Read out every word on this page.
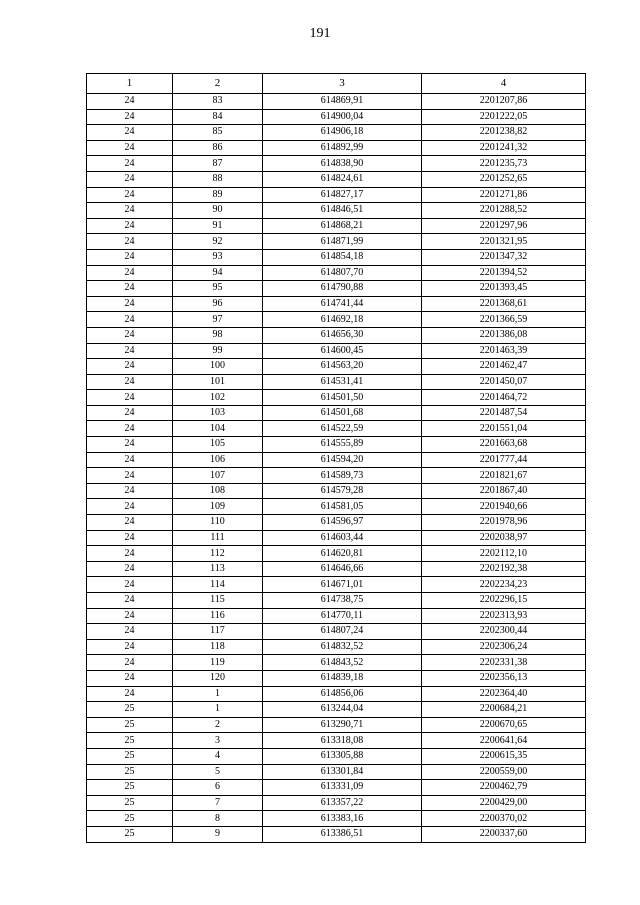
191
1	2	3	4
24	83	614869,91	2201207,86
24	84	614900,04	2201222,05
24	85	614906,18	2201238,82
24	86	614892,99	2201241,32
24	87	614838,90	2201235,73
24	88	614824,61	2201252,65
24	89	614827,17	2201271,86
24	90	614846,51	2201288,52
24	91	614868,21	2201297,96
24	92	614871,99	2201321,95
24	93	614854,18	2201347,32
24	94	614807,70	2201394,52
24	95	614790,88	2201393,45
24	96	614741,44	2201368,61
24	97	614692,18	2201366,59
24	98	614656,30	2201386,08
24	99	614600,45	2201463,39
24	100	614563,20	2201462,47
24	101	614531,41	2201450,07
24	102	614501,50	2201464,72
24	103	614501,68	2201487,54
24	104	614522,59	2201551,04
24	105	614555,89	2201663,68
24	106	614594,20	2201777,44
24	107	614589,73	2201821,67
24	108	614579,28	2201867,40
24	109	614581,05	2201940,66
24	110	614596,97	2201978,96
24	111	614603,44	2202038,97
24	112	614620,81	2202112,10
24	113	614646,66	2202192,38
24	114	614671,01	2202234,23
24	115	614738,75	2202296,15
24	116	614770,11	2202313,93
24	117	614807,24	2202300,44
24	118	614832,52	2202306,24
24	119	614843,52	2202331,38
24	120	614839,18	2202356,13
24	1	614856,06	2202364,40
25	1	613244,04	2200684,21
25	2	613290,71	2200670,65
25	3	613318,08	2200641,64
25	4	613305,88	2200615,35
25	5	613301,84	2200559,00
25	6	613331,09	2200462,79
25	7	613357,22	2200429,00
25	8	613383,16	2200370,02
25	9	613386,51	2200337,60
